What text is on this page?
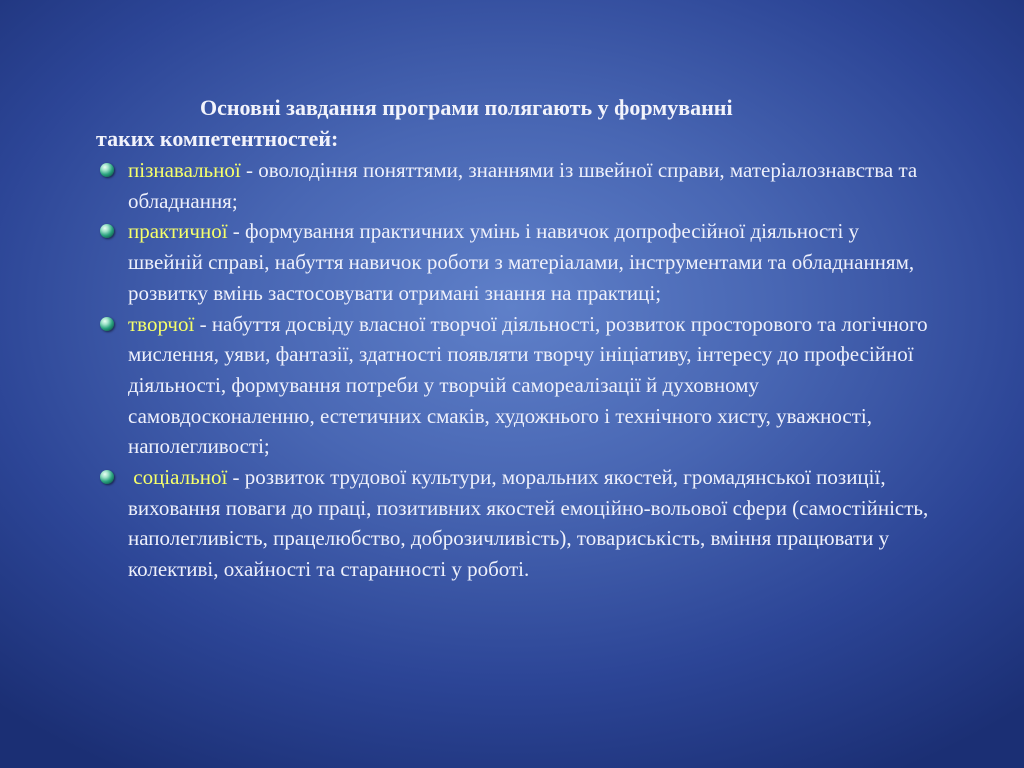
Основні завдання програми полягають у формуванні
таких компетентностей:
пізнавальної - оволодіння поняттями, знаннями із швейної справи, матеріалознавства та обладнання;
практичної - формування практичних умінь і навичок допрофесійної діяльності у швейній справі, набуття навичок роботи з матеріалами, інструментами та обладнанням, розвитку вмінь застосовувати отримані знання на практиці;
творчої - набуття досвіду власної творчої діяльності, розвиток просторового та логічного мислення, уяви, фантазії, здатності появляти творчу ініціативу, інтересу до професійної діяльності, формування потреби у творчій самореалізації й духовному самовдосконаленню, естетичних смаків, художнього і технічного хисту, уважності, наполегливості;
соціальної - розвиток трудової культури, моральних якостей, громадянської позиції, виховання поваги до праці, позитивних якостей емоційно-вольової сфери (самостійність, наполегливість, працелюбство, доброзичливість), товариськість, вміння працювати у колективі, охайності та старанності у роботі.
